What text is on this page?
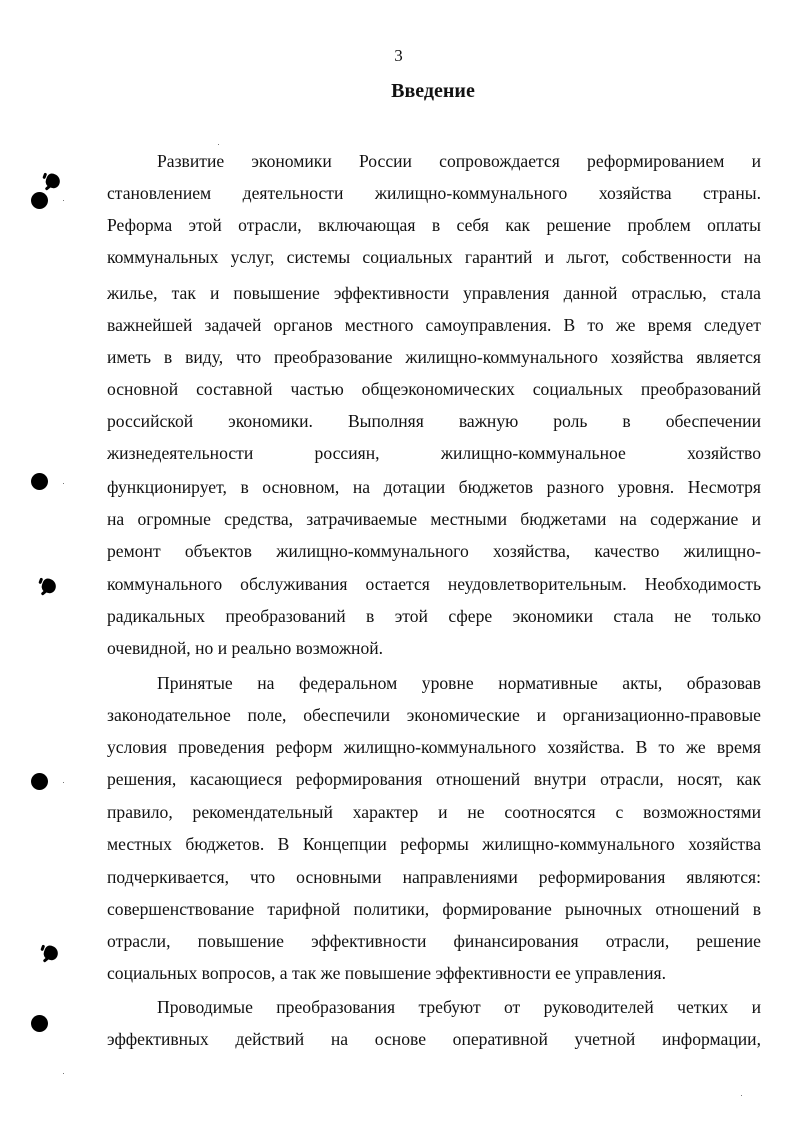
3
Введение
Развитие экономики России сопровождается реформированием и
становлением деятельности жилищно-коммунального хозяйства страны.
Реформа этой отрасли, включающая в себя как решение проблем оплаты
коммунальных услуг, системы социальных гарантий и льгот, собственности на
жилье, так и повышение эффективности управления данной отраслью, стала
важнейшей задачей органов местного самоуправления. В то же время следует
иметь в виду, что преобразование жилищно-коммунального хозяйства является
основной составной частью общеэкономических социальных преобразований
российской экономики. Выполняя важную роль в обеспечении
жизнедеятельности россиян, жилищно-коммунальное хозяйство
функционирует, в основном, на дотации бюджетов разного уровня. Несмотря
на огромные средства, затрачиваемые местными бюджетами на содержание и
ремонт объектов жилищно-коммунального хозяйства, качество жилищно-
коммунального обслуживания остается неудовлетворительным. Необходимость
радикальных преобразований в этой сфере экономики стала не только
очевидной, но и реально возможной.
Принятые на федеральном уровне нормативные акты, образовав
законодательное поле, обеспечили экономические и организационно-правовые
условия проведения реформ жилищно-коммунального хозяйства. В то же время
решения, касающиеся реформирования отношений внутри отрасли, носят, как
правило, рекомендательный характер и не соотносятся с возможностями
местных бюджетов. В Концепции реформы жилищно-коммунального хозяйства
подчеркивается, что основными направлениями реформирования являются:
совершенствование тарифной политики, формирование рыночных отношений в
отрасли, повышение эффективности финансирования отрасли, решение
социальных вопросов, а так же повышение эффективности ее управления.
Проводимые преобразования требуют от руководителей четких и
эффективных действий на основе оперативной учетной информации,
